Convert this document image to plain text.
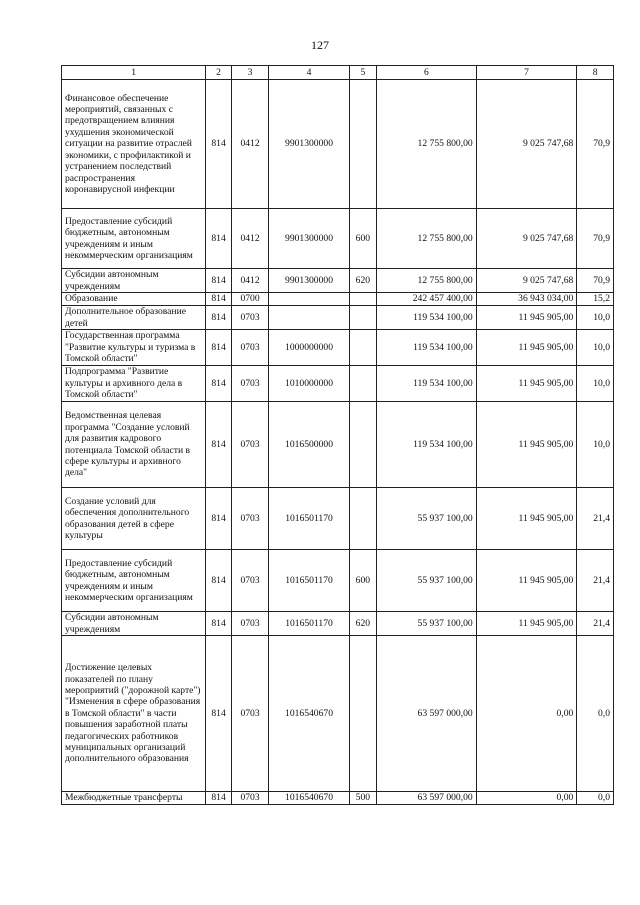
127
1	2	3	4	5	6	7	8
Финансовое обеспечение мероприятий, связанных с предотвращением влияния ухудшения экономической ситуации на развитие отраслей экономики, с профилактикой и устранением последствий распространения коронавирусной инфекции	814	0412	9901300000		12 755 800,00	9 025 747,68	70,9
Предоставление субсидий бюджетным, автономным учреждениям и иным некоммерческим организациям	814	0412	9901300000	600	12 755 800,00	9 025 747,68	70,9
Субсидии автономным учреждениям	814	0412	9901300000	620	12 755 800,00	9 025 747,68	70,9
Образование	814	0700			242 457 400,00	36 943 034,00	15,2
Дополнительное образование детей	814	0703			119 534 100,00	11 945 905,00	10,0
Государственная программа "Развитие культуры и туризма в Томской области"	814	0703	1000000000		119 534 100,00	11 945 905,00	10,0
Подпрограмма "Развитие культуры и архивного дела в Томской области"	814	0703	1010000000		119 534 100,00	11 945 905,00	10,0
Ведомственная целевая программа "Создание условий для развития кадрового потенциала Томской области в сфере культуры и архивного дела"	814	0703	1016500000		119 534 100,00	11 945 905,00	10,0
Создание условий для обеспечения дополнительного образования детей в сфере культуры	814	0703	1016501170		55 937 100,00	11 945 905,00	21,4
Предоставление субсидий бюджетным, автономным учреждениям и иным некоммерческим организациям	814	0703	1016501170	600	55 937 100,00	11 945 905,00	21,4
Субсидии автономным учреждениям	814	0703	1016501170	620	55 937 100,00	11 945 905,00	21,4
Достижение целевых показателей по плану мероприятий ("дорожной карте") "Изменения в сфере образования в Томской области" в части повышения заработной платы педагогических работников муниципальных организаций дополнительного образования	814	0703	1016540670		63 597 000,00	0,00	0,0
Межбюджетные трансферты	814	0703	1016540670	500	63 597 000,00	0,00	0,0
